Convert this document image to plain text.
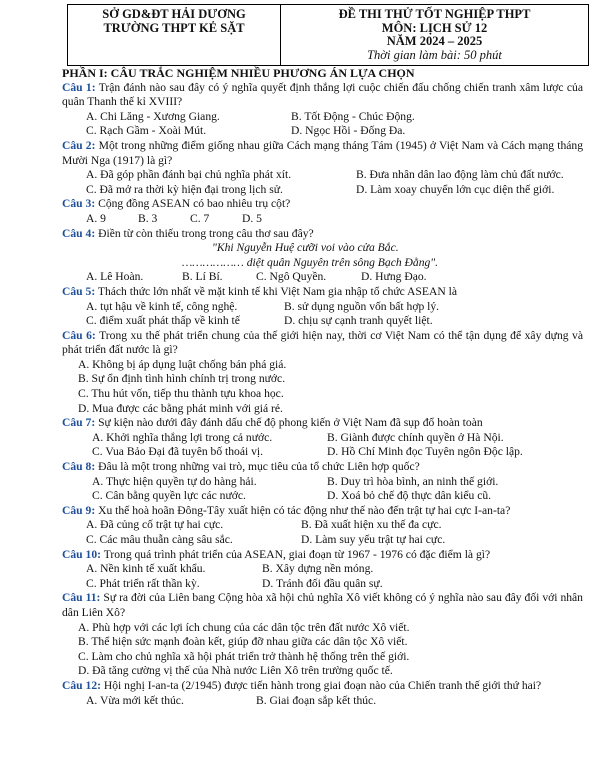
SỞ GD&ĐT HẢI DƯƠNG
TRƯỜNG THPT KẺ SẶT
ĐỀ THI THỬ TỐT NGHIỆP THPT
MÔN: LỊCH SỬ 12
NĂM 2024 – 2025
Thời gian làm bài: 50 phút
PHẦN I: CÂU TRẮC NGHIỆM NHIỀU PHƯƠNG ÁN LỰA CHỌN
Câu 1: Trận đánh nào sau đây có ý nghĩa quyết định thắng lợi cuộc chiến đấu chống chiến tranh xâm lược của quân Thanh thế kỉ XVIII?
A. Chi Lăng - Xương Giang.	B. Tốt Động - Chúc Động.
C. Rạch Gầm - Xoài Mút.	D. Ngọc Hồi - Đống Đa.
Câu 2: Một trong những điểm giống nhau giữa Cách mạng tháng Tám (1945) ở Việt Nam và Cách mạng tháng Mười Nga (1917) là gì?
A. Đã góp phần đánh bại chủ nghĩa phát xít.	B. Đưa nhân dân lao động làm chủ đất nước.
C. Đã mở ra thời kỳ hiện đại trong lịch sử.	D. Làm xoay chuyển lớn cục diện thế giới.
Câu 3: Cộng đồng ASEAN có bao nhiêu trụ cột?
A. 9	B. 3	C. 7	D. 5
Câu 4: Điền từ còn thiếu trong trong câu thơ sau đây?
"Khi Nguyễn Huệ cưỡi voi vào cửa Bắc.
……………… diệt quân Nguyên trên sông Bạch Đằng".
A. Lê Hoàn.	B. Lí Bí.	C. Ngô Quyền.	D. Hưng Đạo.
Câu 5: Thách thức lớn nhất về mặt kinh tế khi Việt Nam gia nhập tổ chức ASEAN là
A. tụt hậu về kinh tế, công nghệ.	B. sử dụng nguồn vốn bất hợp lý.
C. điểm xuất phát thấp về kinh tế	D. chịu sự cạnh tranh quyết liệt.
Câu 6: Trong xu thế phát triển chung của thế giới hiện nay, thời cơ Việt Nam có thể tận dụng để xây dựng và phát triển đất nước là gì?
A. Không bị áp dụng luật chống bán phá giá.
B. Sự ổn định tình hình chính trị trong nước.
C. Thu hút vốn, tiếp thu thành tựu khoa học.
D. Mua được các bằng phát minh với giá rẻ.
Câu 7: Sự kiện nào dưới đây đánh dấu chế độ phong kiến ở Việt Nam đã sụp đổ hoàn toàn
A. Khởi nghĩa thắng lợi trong cả nước.	B. Giành được chính quyền ở Hà Nội.
C. Vua Bảo Đại đã tuyên bố thoái vị.	D. Hồ Chí Minh đọc Tuyên ngôn Độc lập.
Câu 8: Đâu là một trong những vai trò, mục tiêu của tổ chức Liên hợp quốc?
A. Thực hiện quyền tự do hàng hải.	B. Duy trì hòa bình, an ninh thế giới.
C. Cân bằng quyền lực các nước.	D. Xoá bỏ chế độ thực dân kiểu cũ.
Câu 9: Xu thế hoà hoãn Đông-Tây xuất hiện có tác động như thế nào đến trật tự hai cực I-an-ta?
A. Đã củng cố trật tự hai cực.	B. Đã xuất hiện xu thế đa cực.
C. Các mâu thuẫn càng sâu sắc.	D. Làm suy yếu trật tự hai cực.
Câu 10: Trong quá trình phát triển của ASEAN, giai đoạn từ 1967 - 1976 có đặc điểm là gì?
A. Nền kinh tế xuất khẩu.	B. Xây dựng nền móng.
C. Phát triển rất thần kỳ.	D. Tránh đối đầu quân sự.
Câu 11: Sự ra đời của Liên bang Cộng hòa xã hội chủ nghĩa Xô viết không có ý nghĩa nào sau đây đối với nhân dân Liên Xô?
A. Phù hợp với các lợi ích chung của các dân tộc trên đất nước Xô viết.
B. Thể hiện sức mạnh đoàn kết, giúp đỡ nhau giữa các dân tộc Xô viết.
C. Làm cho chủ nghĩa xã hội phát triển trở thành hệ thống trên thế giới.
D. Đã tăng cường vị thế của Nhà nước Liên Xô trên trường quốc tế.
Câu 12: Hội nghị I-an-ta (2/1945) được tiến hành trong giai đoạn nào của Chiến tranh thế giới thứ hai?
A. Vừa mới kết thúc.	B. Giai đoạn sắp kết thúc.
